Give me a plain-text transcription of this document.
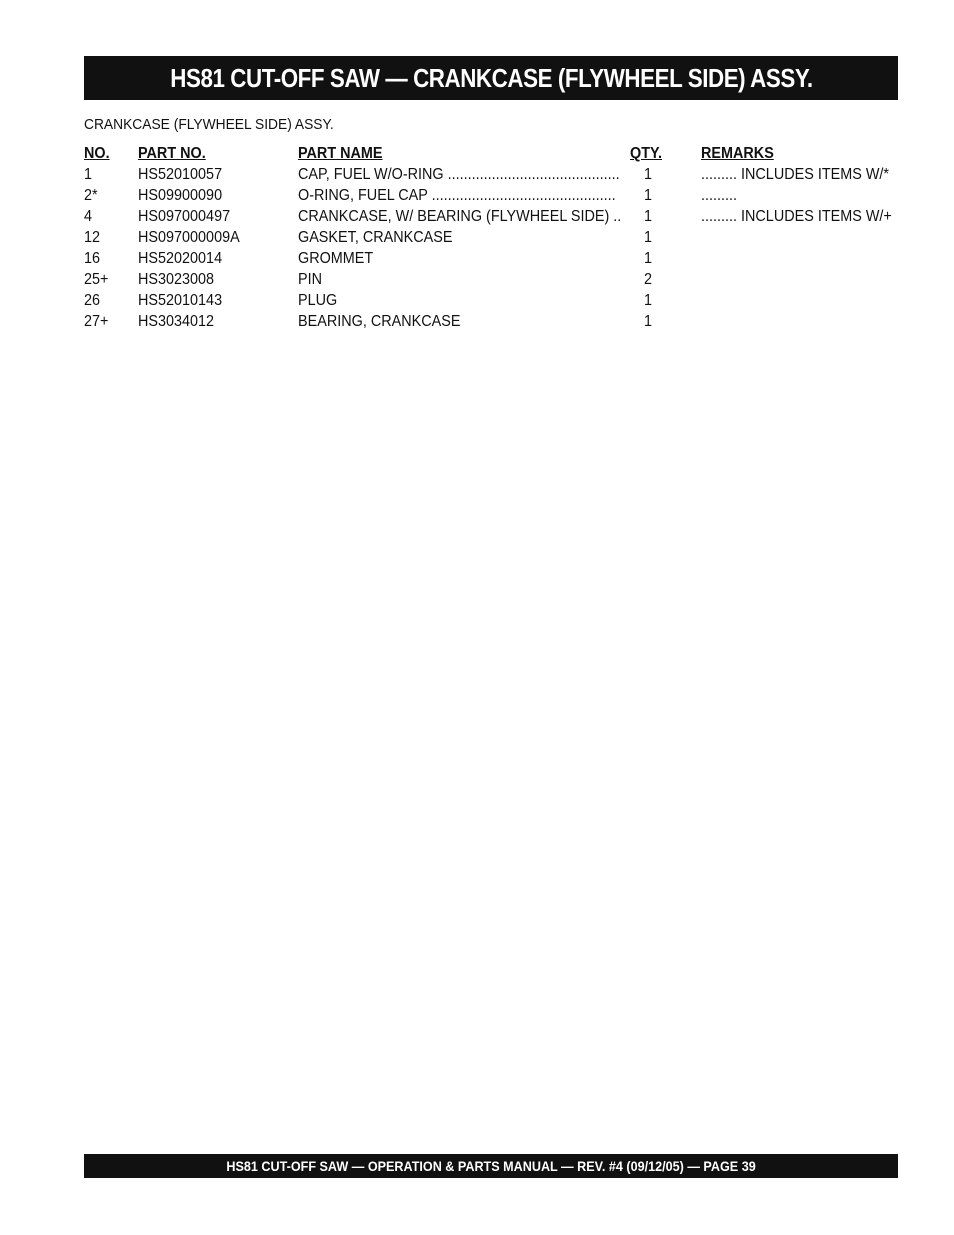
HS81 CUT-OFF SAW — CRANKCASE (FLYWHEEL SIDE) ASSY.
CRANKCASE (FLYWHEEL SIDE) ASSY.
NO. PART NO.	PART NAME	QTY. REMARKS
1	HS52010057	CAP, FUEL W/O-RING ........................................... 1	......... INCLUDES ITEMS W/*
2*	HS09900090	O-RING, FUEL CAP .............................................. 1	.........
4	HS097000497	CRANKCASE, W/ BEARING (FLYWHEEL SIDE) .. 1	......... INCLUDES ITEMS W/+
12 HS097000009A	GASKET, CRANKCASE	1
16 HS52020014	GROMMET	1
25+ HS3023008	PIN	2
26 HS52010143	PLUG	1
27+ HS3034012	BEARING, CRANKCASE	1
HS81 CUT-OFF SAW — OPERATION & PARTS MANUAL — REV. #4 (09/12/05) — PAGE 39
